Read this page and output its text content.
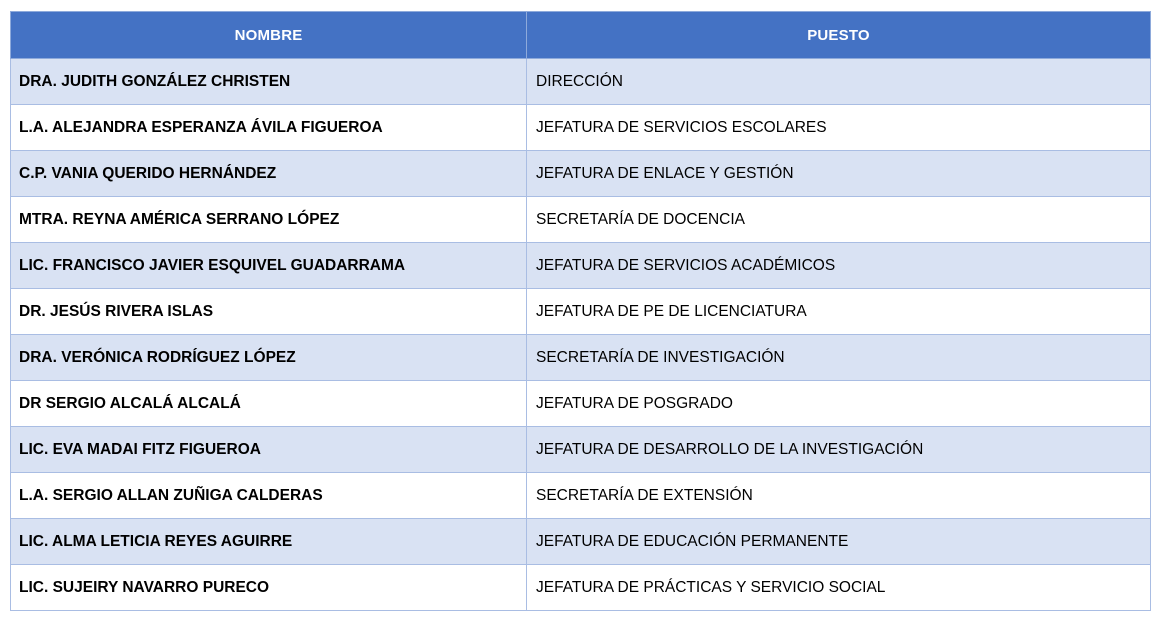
NOMBRE	PUESTO
DRA. JUDITH GONZÁLEZ CHRISTEN	DIRECCIÓN
L.A. ALEJANDRA ESPERANZA ÁVILA FIGUEROA	JEFATURA DE SERVICIOS ESCOLARES
C.P. VANIA QUERIDO HERNÁNDEZ	JEFATURA DE ENLACE Y GESTIÓN
MTRA. REYNA AMÉRICA SERRANO LÓPEZ	SECRETARÍA DE DOCENCIA
LIC. FRANCISCO JAVIER ESQUIVEL GUADARRAMA	JEFATURA DE SERVICIOS ACADÉMICOS
DR. JESÚS RIVERA ISLAS	JEFATURA DE PE DE LICENCIATURA
DRA. VERÓNICA RODRÍGUEZ LÓPEZ	SECRETARÍA DE INVESTIGACIÓN
DR SERGIO ALCALÁ ALCALÁ	JEFATURA DE POSGRADO
LIC. EVA MADAI FITZ FIGUEROA	JEFATURA DE DESARROLLO DE LA INVESTIGACIÓN
L.A. SERGIO ALLAN ZUÑIGA CALDERAS	SECRETARÍA DE EXTENSIÓN
LIC. ALMA LETICIA REYES AGUIRRE	JEFATURA DE EDUCACIÓN PERMANENTE
LIC. SUJEIRY NAVARRO PURECO	JEFATURA DE PRÁCTICAS Y SERVICIO SOCIAL
